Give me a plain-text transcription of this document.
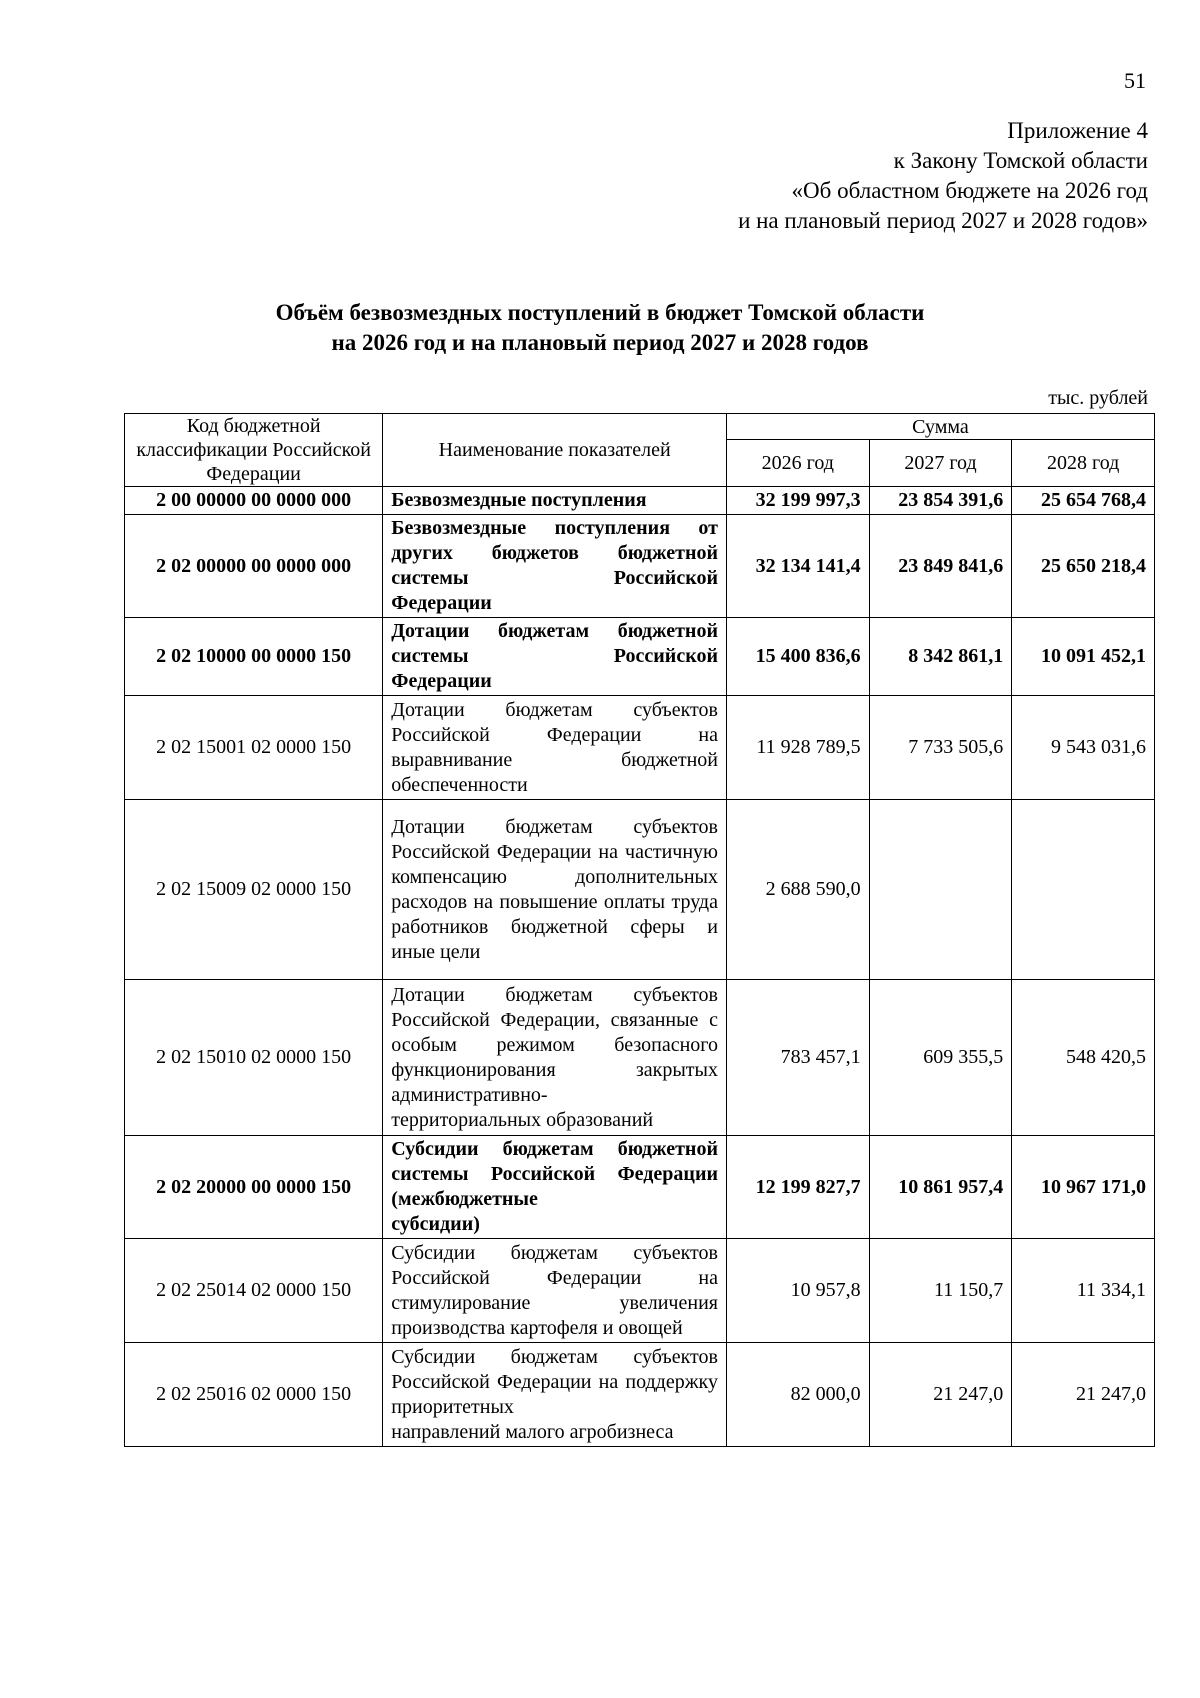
51
Приложение 4
к Закону Томской области
«Об областном бюджете на 2026 год
и на плановый период 2027 и 2028 годов»
Объём безвозмездных поступлений в бюджет Томской области
на 2026 год и на плановый период 2027 и 2028 годов
тыс. рублей
Код бюджетной классификации Российской Федерации	Наименование показателей	Сумма		
		2026 год	2027 год	2028 год
2 00 00000 00 0000 000	Безвозмездные поступления	32 199 997,3	23 854 391,6	25 654 768,4
2 02 00000 00 0000 000	Безвозмездные поступления от других бюджетов бюджетной системы Российской
Федерации	32 134 141,4	23 849 841,6	25 650 218,4
2 02 10000 00 0000 150	Дотации бюджетам бюджетной системы Российской
Федерации	15 400 836,6	8 342 861,1	10 091 452,1
2 02 15001 02 0000 150	Дотации бюджетам субъектов Российской Федерации на выравнивание бюджетной
обеспеченности	11 928 789,5	7 733 505,6	9 543 031,6
2 02 15009 02 0000 150	Дотации бюджетам субъектов Российской Федерации на частичную компенсацию дополнительных расходов на повышение оплаты труда работников бюджетной сферы и
иные цели	2 688 590,0		
2 02 15010 02 0000 150	Дотации бюджетам субъектов Российской Федерации, связанные с особым режимом безопасного функционирования закрытых административно-
территориальных образований	783 457,1	609 355,5	548 420,5
2 02 20000 00 0000 150	Субсидии бюджетам бюджетной системы Российской Федерации (межбюджетные
субсидии)	12 199 827,7	10 861 957,4	10 967 171,0
2 02 25014 02 0000 150	Субсидии бюджетам субъектов Российской Федерации на стимулирование увеличения
производства картофеля и овощей	10 957,8	11 150,7	11 334,1
2 02 25016 02 0000 150	Субсидии бюджетам субъектов Российской Федерации на поддержку приоритетных
направлений малого агробизнеса	82 000,0	21 247,0	21 247,0
